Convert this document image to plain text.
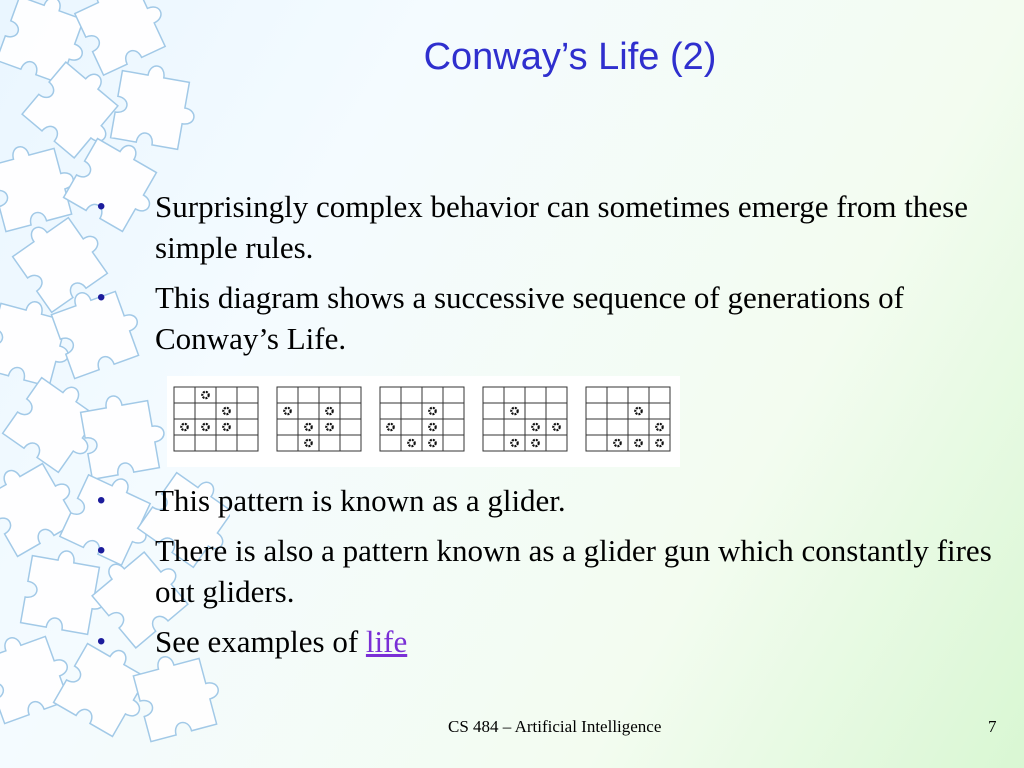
Conway’s Life (2)
• Surprisingly complex behavior can sometimes emerge from these simple rules.
• This diagram shows a successive sequence of generations of Conway’s Life.
• This pattern is known as a glider.
• There is also a pattern known as a glider gun which constantly fires out gliders.
• See examples of life
CS 484 – Artificial Intelligence	7
